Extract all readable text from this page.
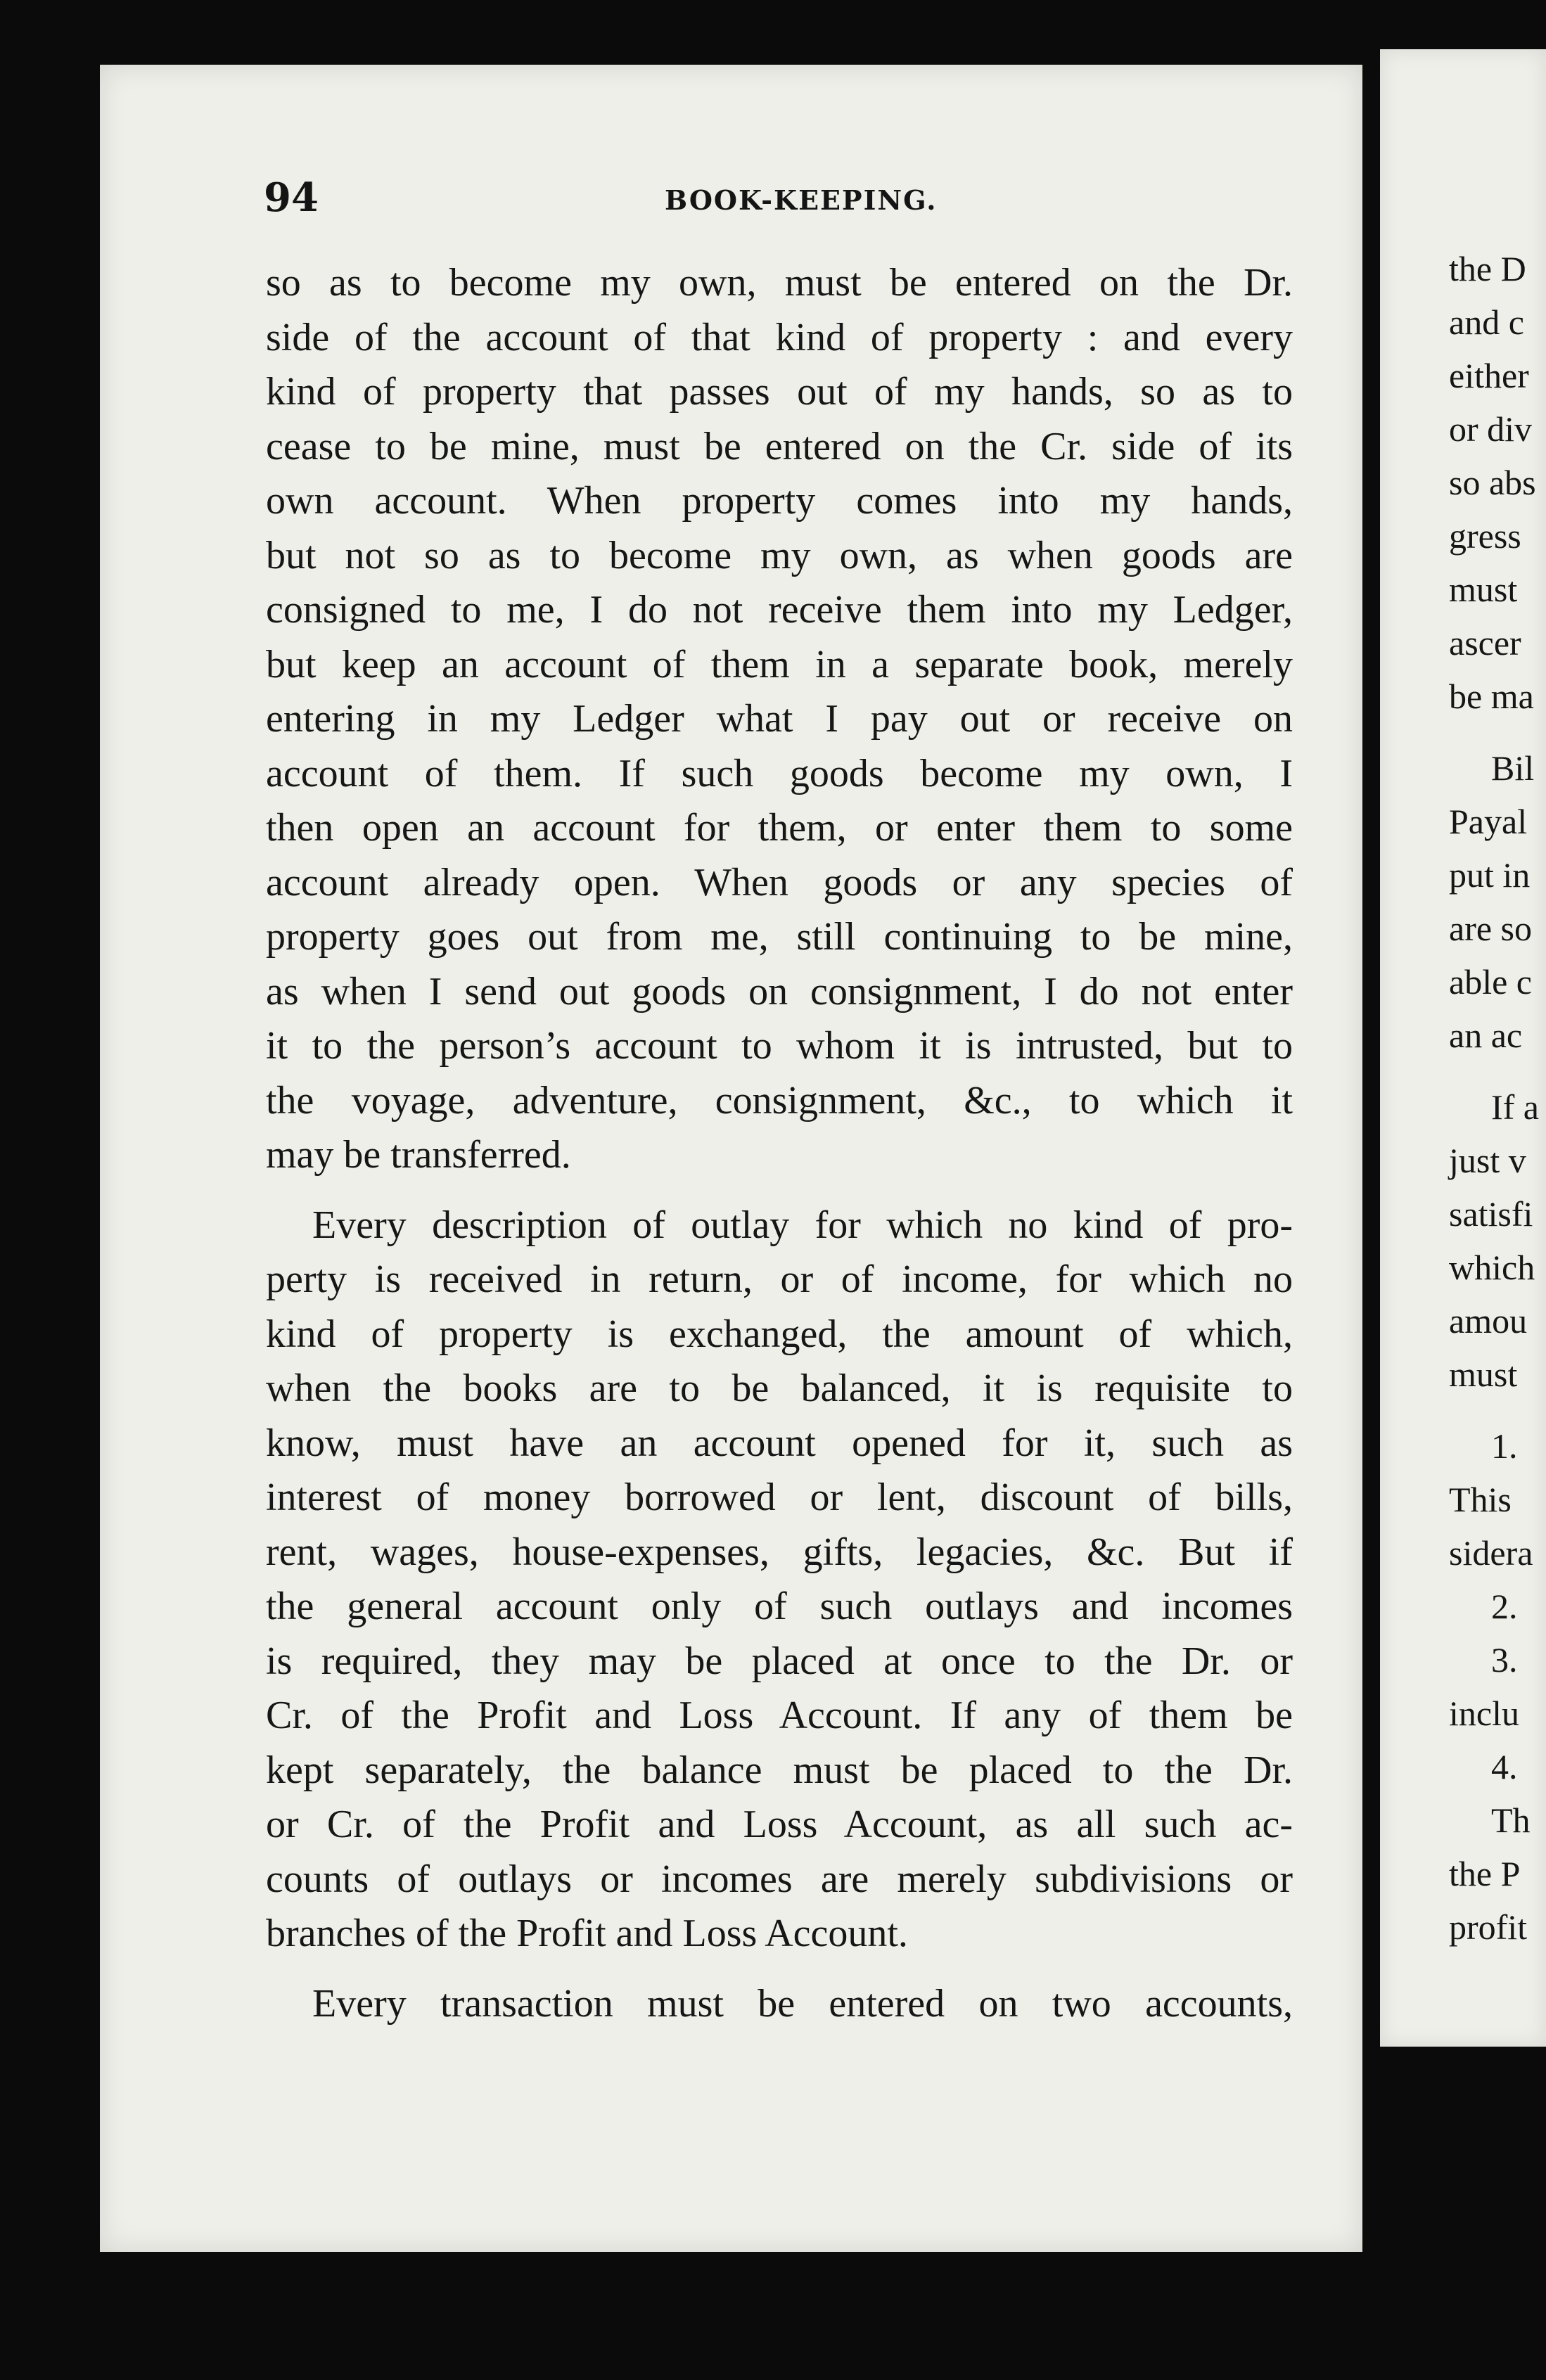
94	BOOK-KEEPING.
so as to become my own, must be entered on the Dr.
side of the account of that kind of property : and every
kind of property that passes out of my hands, so as to
cease to be mine, must be entered on the Cr. side of its
own account. When property comes into my hands,
but not so as to become my own, as when goods are
consigned to me, I do not receive them into my Ledger,
but keep an account of them in a separate book, merely
entering in my Ledger what I pay out or receive on
account of them. If such goods become my own, I
then open an account for them, or enter them to some
account already open. When goods or any species of
property goes out from me, still continuing to be mine,
as when I send out goods on consignment, I do not enter
it to the person’s account to whom it is intrusted, but to
the voyage, adventure, consignment, &c., to which it
may be transferred.
Every description of outlay for which no kind of pro-
perty is received in return, or of income, for which no
kind of property is exchanged, the amount of which,
when the books are to be balanced, it is requisite to
know, must have an account opened for it, such as
interest of money borrowed or lent, discount of bills,
rent, wages, house-expenses, gifts, legacies, &c. But if
the general account only of such outlays and incomes
is required, they may be placed at once to the Dr. or
Cr. of the Profit and Loss Account. If any of them be
kept separately, the balance must be placed to the Dr.
or Cr. of the Profit and Loss Account, as all such ac-
counts of outlays or incomes are merely subdivisions or
branches of the Profit and Loss Account.
Every transaction must be entered on two accounts,
the D
and c
either
or div
so abs
gress
must
ascer
be ma
Bil
Payal
put in
are so
able c
an ac
If a
just v
satisfi
which
amou
must
1.
This
sidera
2.
3.
inclu
4.
Th
the P
profit
